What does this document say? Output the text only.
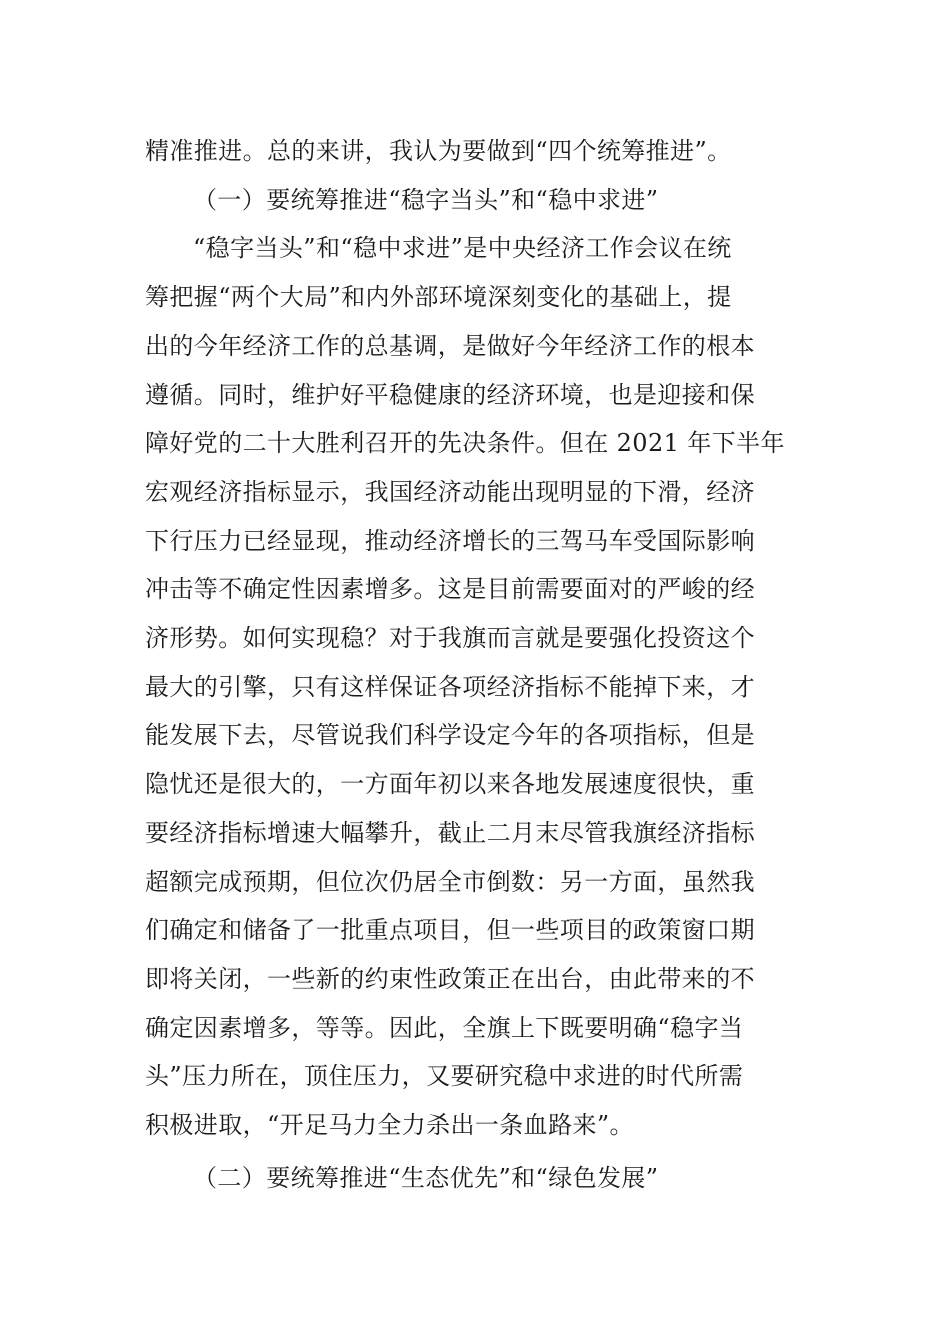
精准推进。总的来讲，我认为要做到“四个统筹推进”。
（一）要统筹推进“稳字当头”和“稳中求进”
“稳字当头”和“稳中求进”是中央经济工作会议在统
筹把握“两个大局”和内外部环境深刻变化的基础上，提
出的今年经济工作的总基调，是做好今年经济工作的根本
遵循。同时，维护好平稳健康的经济环境，也是迎接和保
障好党的二十大胜利召开的先决条件。但在 2021 年下半年
宏观经济指标显示，我国经济动能出现明显的下滑，经济
下行压力已经显现，推动经济增长的三驾马车受国际影响
冲击等不确定性因素增多。这是目前需要面对的严峻的经
济形势。如何实现稳？对于我旗而言就是要强化投资这个
最大的引擎，只有这样保证各项经济指标不能掉下来，才
能发展下去，尽管说我们科学设定今年的各项指标，但是
隐忧还是很大的，一方面年初以来各地发展速度很快，重
要经济指标增速大幅攀升，截止二月末尽管我旗经济指标
超额完成预期，但位次仍居全市倒数：另一方面，虽然我
们确定和储备了一批重点项目，但一些项目的政策窗口期
即将关闭，一些新的约束性政策正在出台，由此带来的不
确定因素增多，等等。因此，全旗上下既要明确“稳字当
头”压力所在，顶住压力，又要研究稳中求进的时代所需
积极进取，“开足马力全力杀出一条血路来”。
（二）要统筹推进“生态优先”和“绿色发展”
